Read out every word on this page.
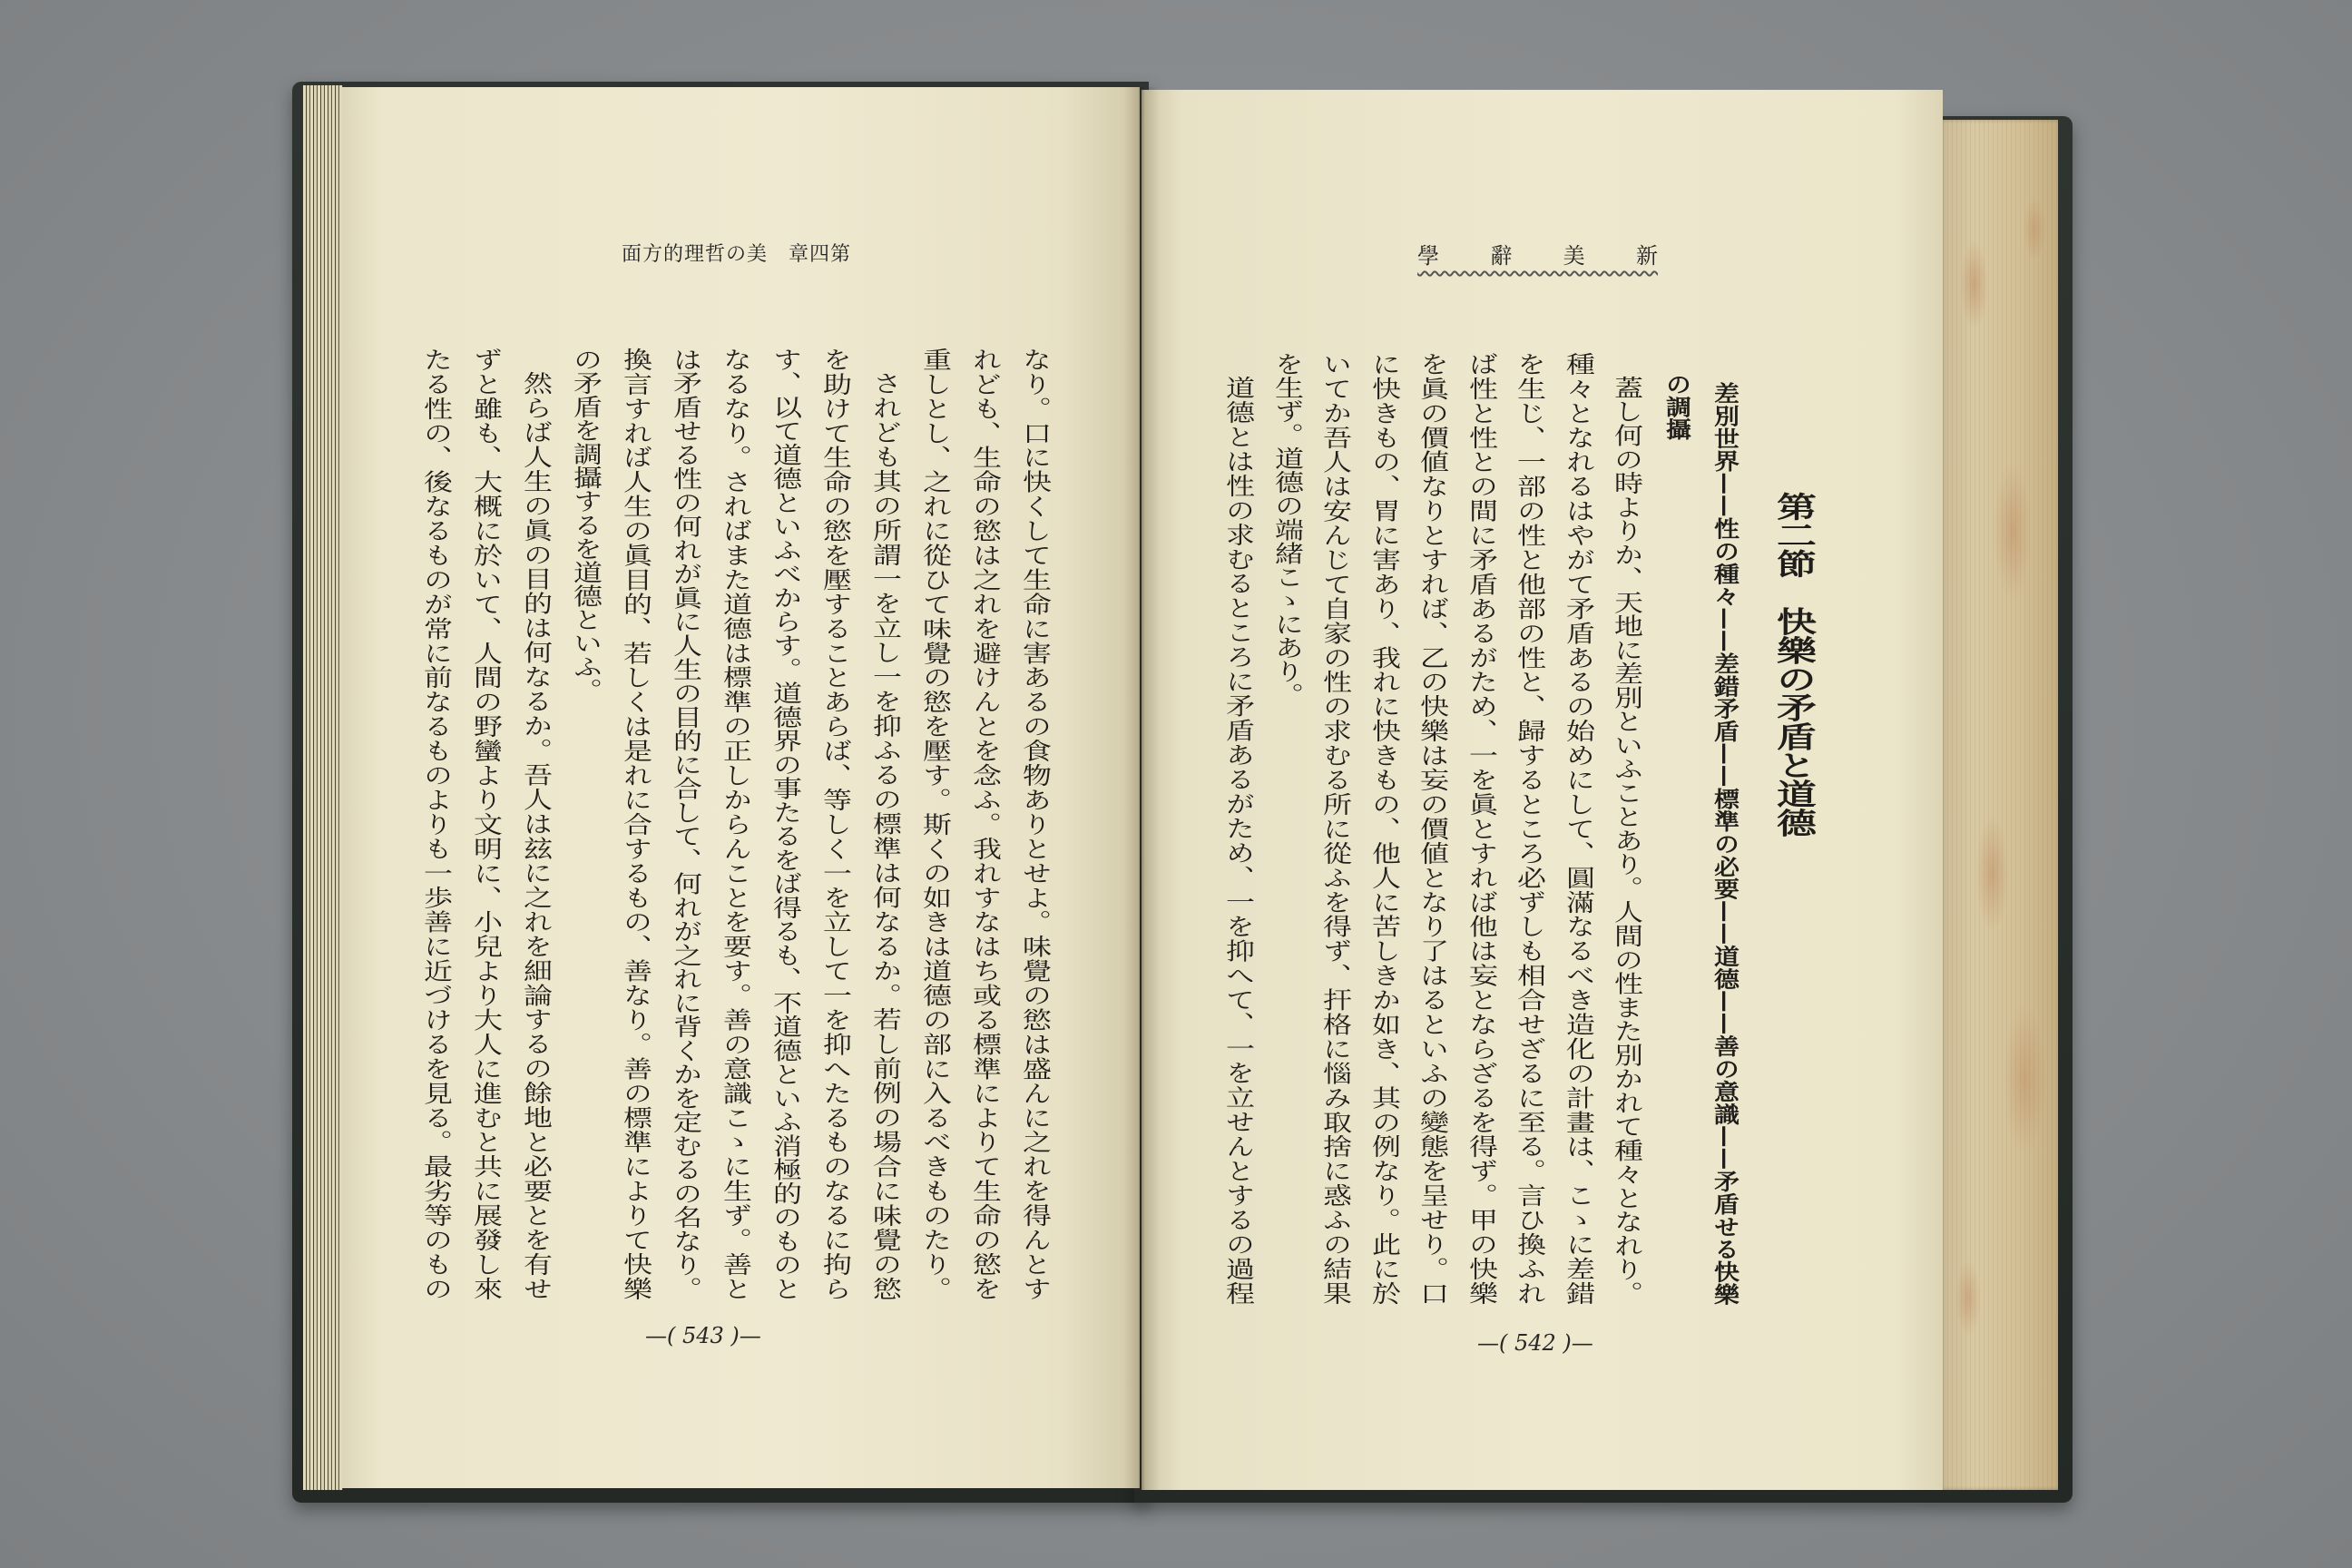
第四章　美の哲理的方面
なり。口に快くして生命に害あるの食物ありとせよ。味覺の慾は盛んに之れを得んとす
れども、生命の慾は之れを避けんとを念ふ。我れすなはち或る標準によりて生命の慾を
重しとし、之れに從ひて味覺の慾を壓す。斯くの如きは道德の部に入るべきものたり。
されども其の所謂一を立し一を抑ふるの標準は何なるか。若し前例の場合に味覺の慾
を助けて生命の慾を壓することあらば、等しく一を立して一を抑へたるものなるに拘ら
す、以て道德といふべからす。道德界の事たるをば得るも、不道德といふ消極的のものと
なるなり。さればまた道德は標準の正しからんことを要す。善の意識こゝに生ず。善と
は矛盾せる性の何れが眞に人生の目的に合して、何れが之れに背くかを定むるの名なり。
換言すれば人生の眞目的、若しくは是れに合するもの、善なり。善の標準によりて快樂
の矛盾を調攝するを道德といふ。
然らば人生の眞の目的は何なるか。吾人は玆に之れを細論するの餘地と必要とを有せ
ずと雖も、大概に於いて、人間の野蠻より文明に、小兒より大人に進むと共に展發し來
たる性の、後なるものが常に前なるものよりも一歩善に近づけるを見る。最劣等のもの
—( 543 )—
新美辭學
第二節　快樂の矛盾と道德
差別世界——性の種々——差錯矛盾——標準の必要——道德——善の意識——矛盾せる快樂
の調攝
蓋し何の時よりか、天地に差別といふことあり。人間の性また別かれて種々となれり。
種々となれるはやがて矛盾あるの始めにして、圓滿なるべき造化の計畫は、こゝに差錯
を生じ、一部の性と他部の性と、歸するところ必ずしも相合せざるに至る。言ひ換ふれ
ば性と性との間に矛盾あるがため、一を眞とすれば他は妄とならざるを得ず。甲の快樂
を眞の價値なりとすれば、乙の快樂は妄の價値となり了はるといふの變態を呈せり。口
に快きもの、胃に害あり、我れに快きもの、他人に苦しきか如き、其の例なり。此に於
いてか吾人は安んじて自家の性の求むる所に從ふを得ず、扞格に惱み取捨に惑ふの結果
を生ず。道德の端緒こゝにあり。
道德とは性の求むるところに矛盾あるがため、一を抑へて、一を立せんとするの過程
—( 542 )—
